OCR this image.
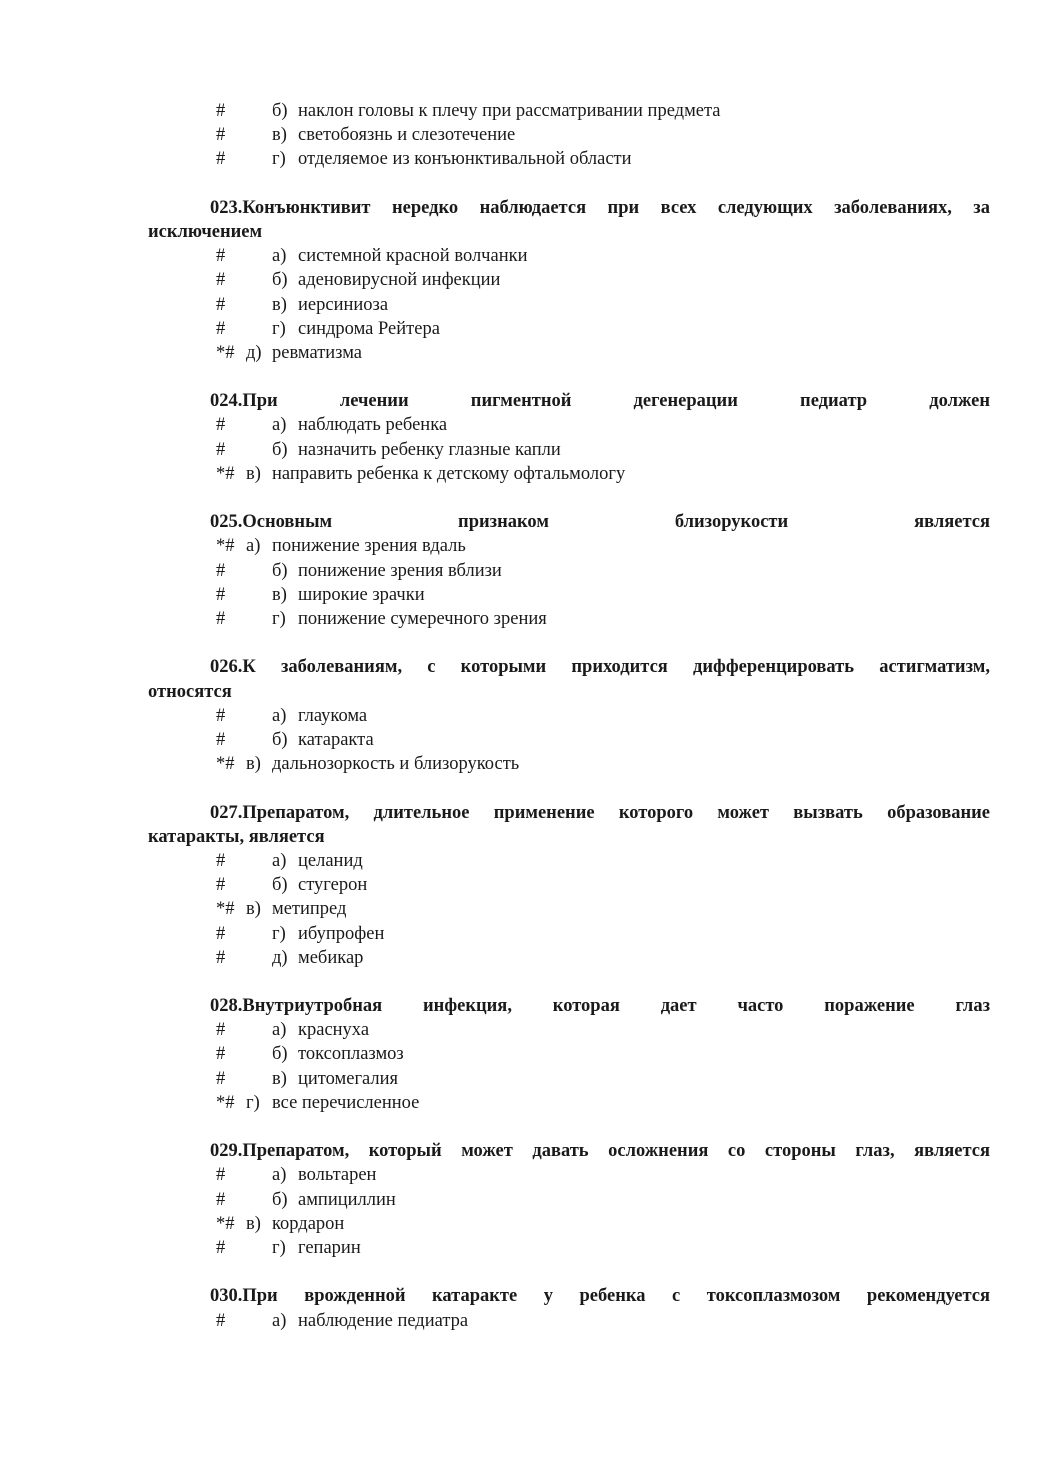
#	б) наклон головы к плечу при рассматривании предмета
#	в) светобоязнь и слезотечение
#	г) отделяемое из конъюнктивальной области
023.Конъюнктивит нередко наблюдается при всех следующих заболеваниях, за
исключением
#	а) системной красной волчанки
#	б) аденовирусной инфекции
#	в) иерсиниоза
#	г) синдрома Рейтера
*# д) ревматизма
024.При лечении пигментной дегенерации педиатр должен
#	а) наблюдать ребенка
#	б) назначить ребенку глазные капли
*# в) направить ребенка к детскому офтальмологу
025.Основным признаком близорукости является
*# а) понижение зрения вдаль
#	б) понижение зрения вблизи
#	в) широкие зрачки
#	г) понижение сумеречного зрения
026.К заболеваниям, с которыми приходится дифференцировать астигматизм,
относятся
#	а) глаукома
#	б) катаракта
*# в) дальнозоркость и близорукость
027.Препаратом, длительное применение которого может вызвать образование
катаракты, является
#	а) целанид
#	б) стугерон
*# в) метипред
#	г) ибупрофен
#	д) мебикар
028.Внутриутробная инфекция, которая дает часто поражение глаз
#	а) краснуха
#	б) токсоплазмоз
#	в) цитомегалия
*# г) все перечисленное
029.Препаратом, который может давать осложнения со стороны глаз, является
#	а) вольтарен
#	б) ампициллин
*# в) кордарон
#	г) гепарин
030.При врожденной катаракте у ребенка с токсоплазмозом рекомендуется
#	а) наблюдение педиатра
